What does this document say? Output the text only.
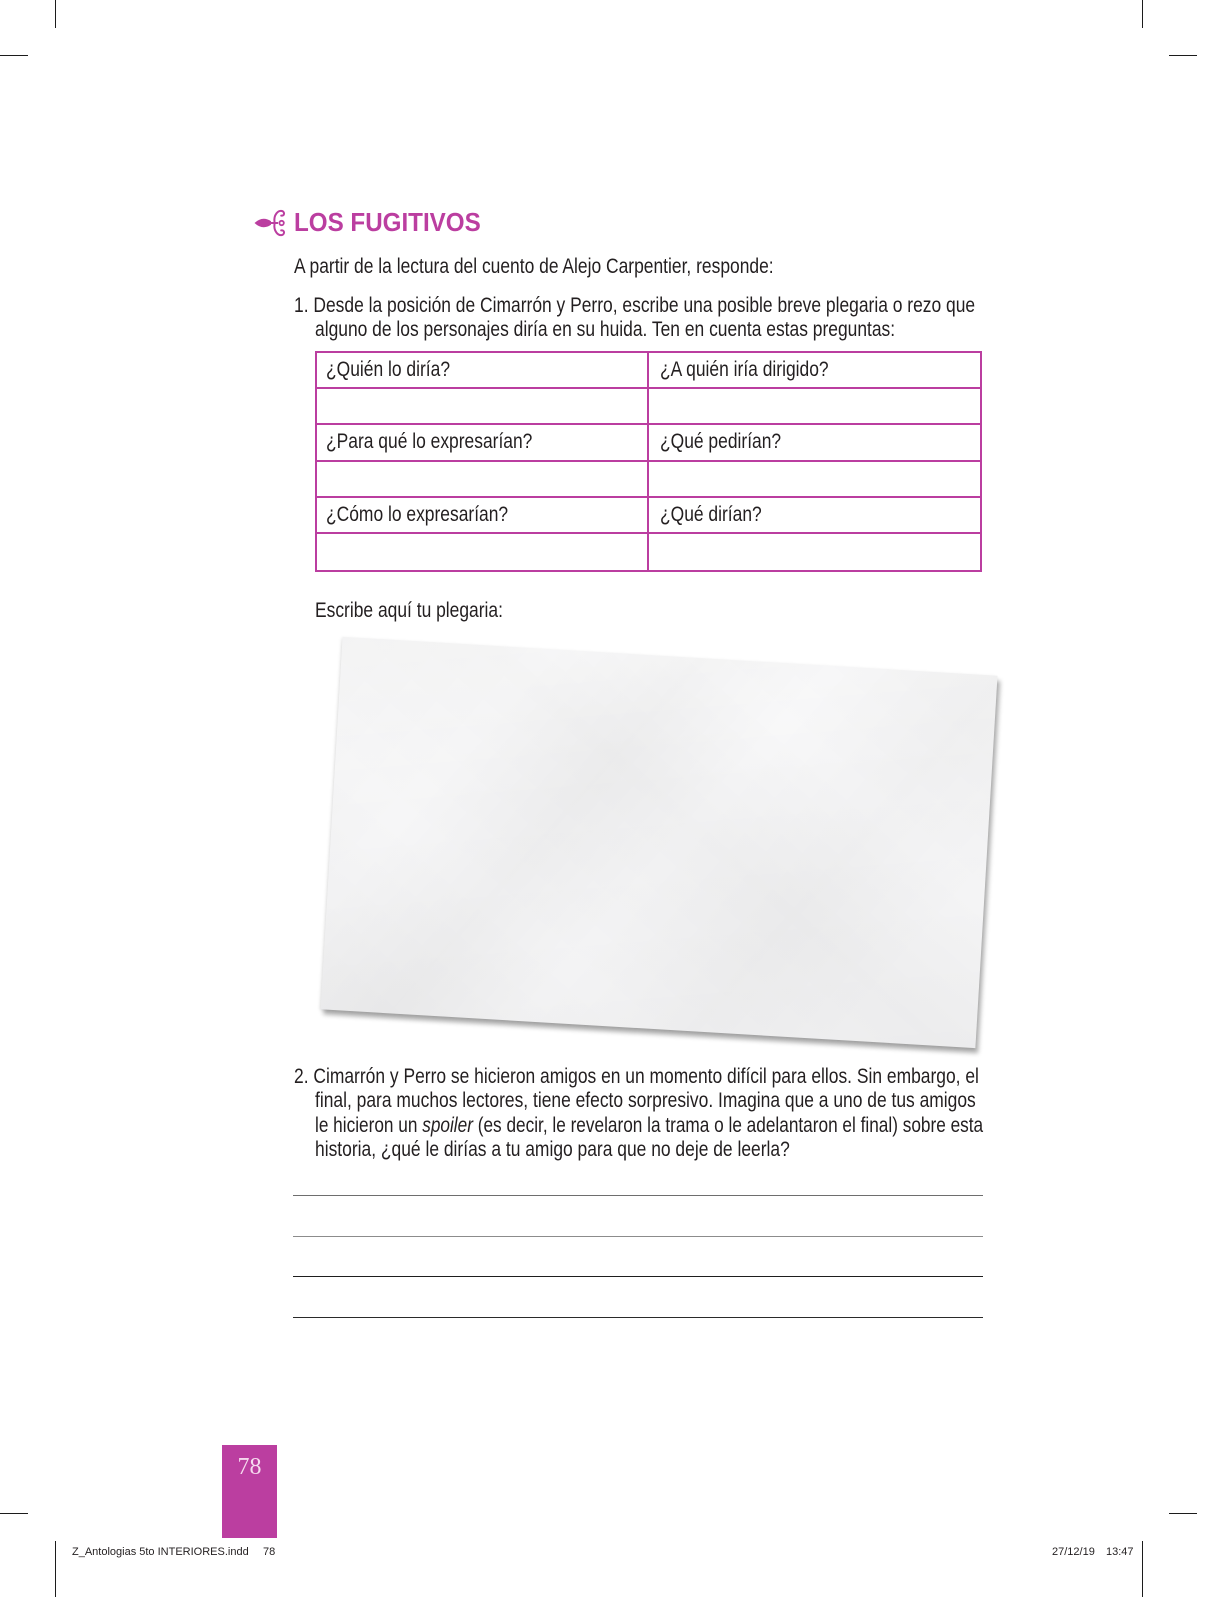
LOS FUGITIVOS
A partir de la lectura del cuento de Alejo Carpentier, responde:
1. Desde la posición de Cimarrón y Perro, escribe una posible breve plegaria o rezo que
alguno de los personajes diría en su huida. Ten en cuenta estas preguntas:
¿Quién lo diría?	¿A quién iría dirigido?
¿Para qué lo expresarían?	¿Qué pedirían?
¿Cómo lo expresarían?	¿Qué dirían?
Escribe aquí tu plegaria:
2. Cimarrón y Perro se hicieron amigos en un momento difícil para ellos. Sin embargo, el
final, para muchos lectores, tiene efecto sorpresivo. Imagina que a uno de tus amigos
le hicieron un spoiler (es decir, le revelaron la trama o le adelantaron el final) sobre esta
historia, ¿qué le dirías a tu amigo para que no deje de leerla?
78
Z_Antologias 5to INTERIORES.indd 78	27/12/19 13:47
